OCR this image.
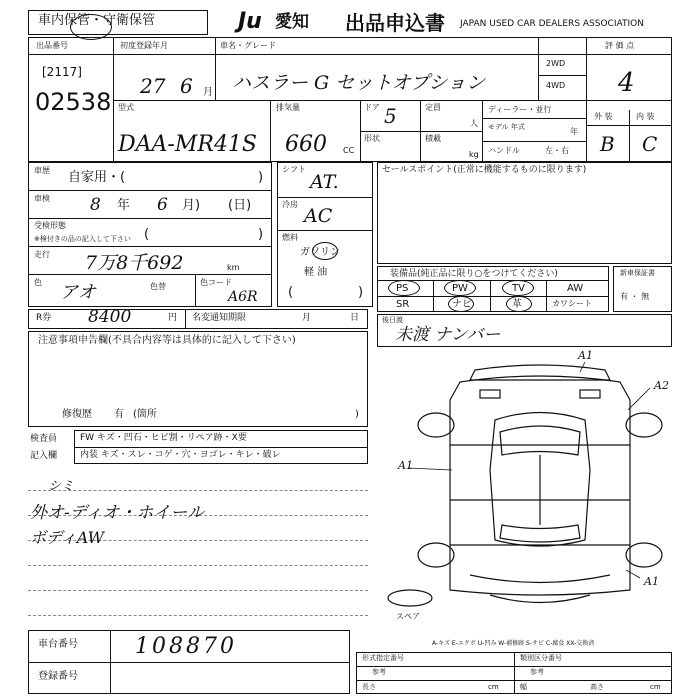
車内保管・守衛保管	Ju 愛知 出品申込書 JAPAN USED CAR DEALERS ASSOCIATION
出品番号
[2117]
02538
初度登録年月
27 6 月
車名・グレード
ハスラー G セットオプション
2WD
4WD
評 価 点
4
型式
DAA-MR41S
排気量
660 CC
ドア 5
形状
定員
人
積載
kg
ディーラー・並行
モデル 年式	年
ハンドル	左・右
外 装	内 装
B C
車歴 自家用・(	)
車検 8 年 6 月) (日)
受検形態
※検付きの品の記入して下さい (	)
走行 7万8千692	km
色 アオ	色替	色コード
A6R
R券 8400	円 名変通知期限	月	日
シフト
AT.
冷房
AC
燃料
ガソリン
軽 油
(	)
セールスポイント(正常に機能するものに限ります)
装備品(純正品に限り○をつけてください)
PS	PW	TV	AW
SR	ナビ	革	カワシート
新車保証書
有 ・ 無
後日渡
未渡 ナンバー
注意事項申告欄(不具合内容等は具体的に記入して下さい)
修復歴 有 (箇所	)
検査員
記入欄
FW キズ・凹石・ヒビ割・リペア跡・X要
内装 キズ・スレ・コゲ・穴・ヨゴレ・キレ・破レ
シミ
外オ-ディオ・ホイール
ボディAW
A1
A2
A1
A1
スペア
A-キズ E-エクボ U-凹み W-補修跡 S-サビ C-腐食 XX-交換済
車台番号	108870
登録番号
形式指定番号	類別区分番号
参考	参考
長さ	cm	幅	高さ	cm
